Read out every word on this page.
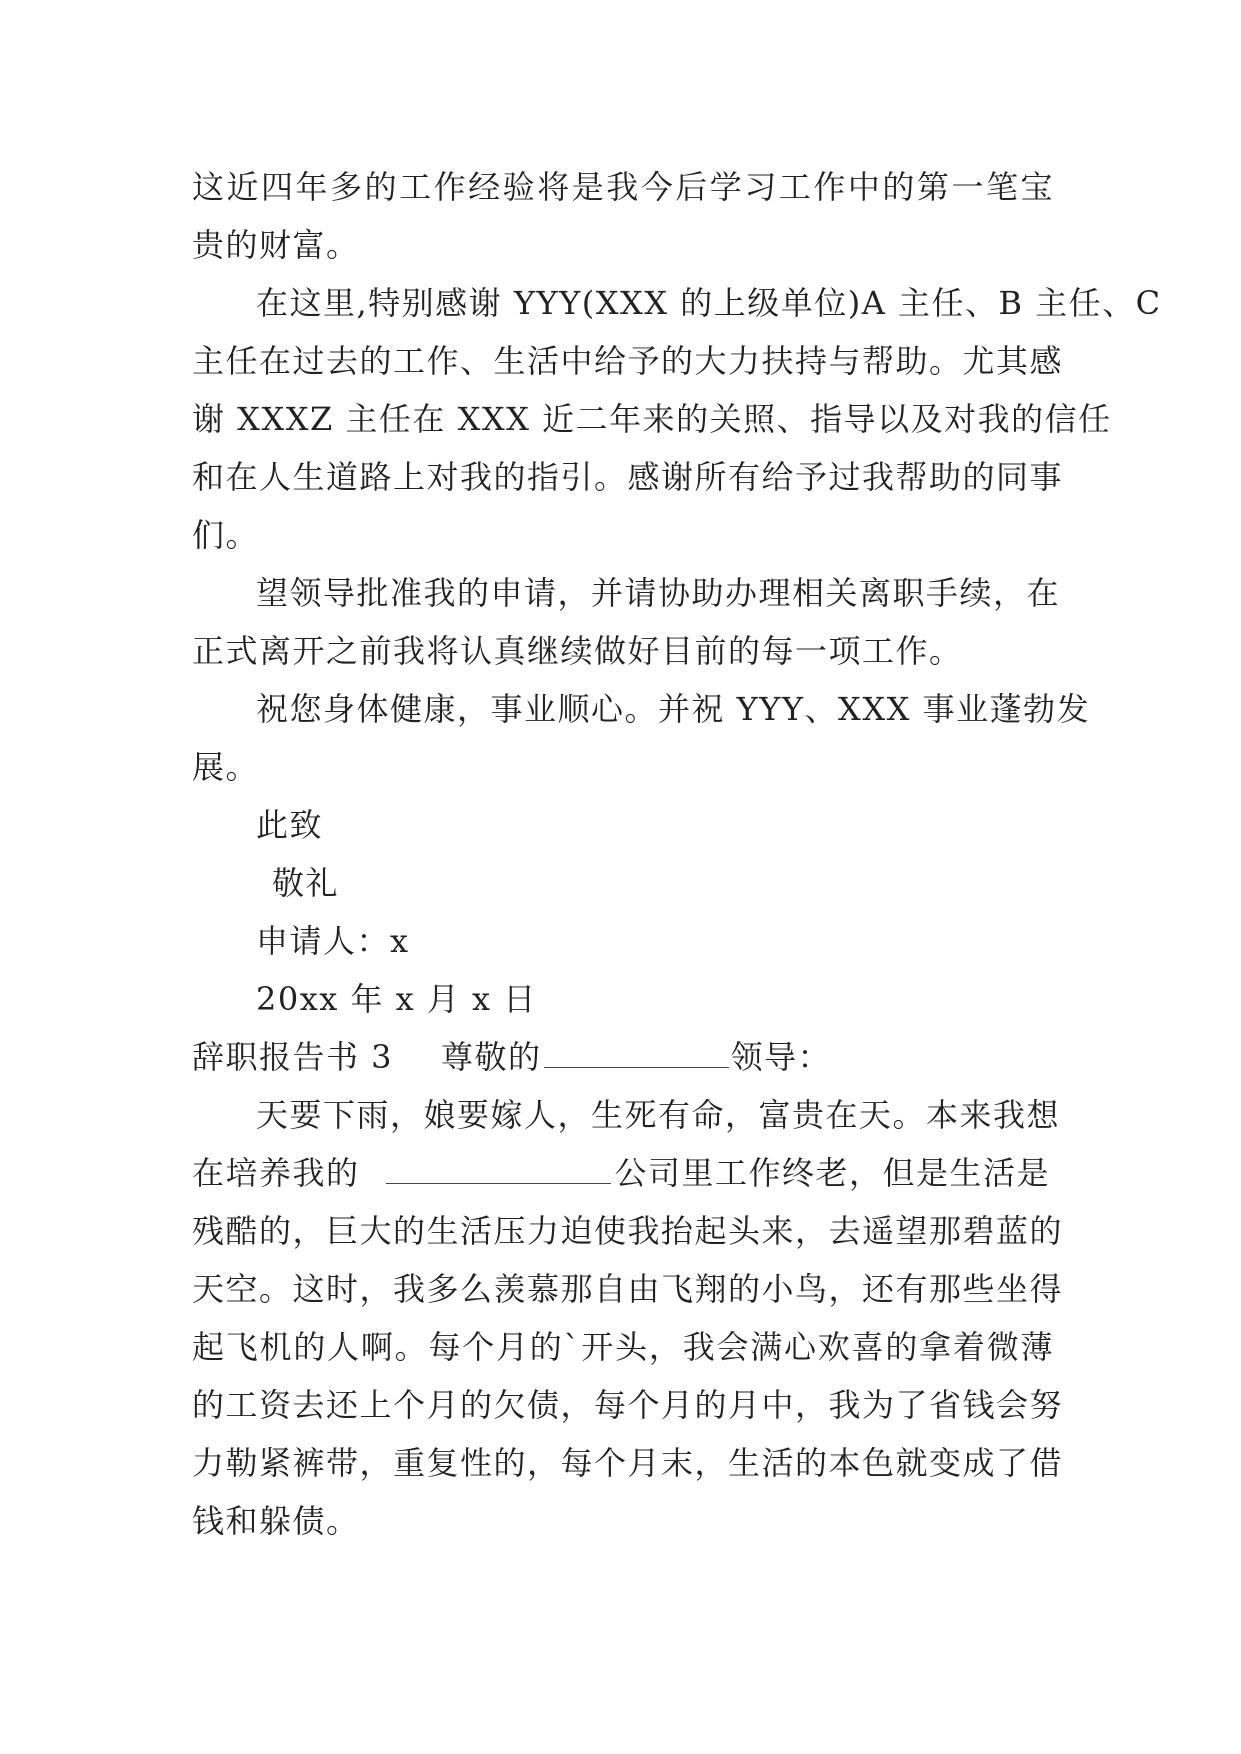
这近四年多的工作经验将是我今后学习工作中的第一笔宝
贵的财富。
在这里,特别感谢 YYY(XXX 的上级单位)A 主任、B 主任、C
主任在过去的工作、生活中给予的大力扶持与帮助。尤其感
谢 XXXZ 主任在 XXX 近二年来的关照、指导以及对我的信任
和在人生道路上对我的指引。感谢所有给予过我帮助的同事
们。
望领导批准我的申请，并请协助办理相关离职手续，在
正式离开之前我将认真继续做好目前的每一项工作。
祝您身体健康，事业顺心。并祝 YYY、XXX 事业蓬勃发
展。
此致
敬礼
申请人：x
20xx 年 x 月 x 日
辞职报告书 3 尊敬的	领导：
天要下雨，娘要嫁人，生死有命，富贵在天。本来我想
在培养我的	公司里工作终老，但是生活是
残酷的，巨大的生活压力迫使我抬起头来，去遥望那碧蓝的
天空。这时，我多么羡慕那自由飞翔的小鸟，还有那些坐得
起飞机的人啊。每个月的`开头，我会满心欢喜的拿着微薄
的工资去还上个月的欠债，每个月的月中，我为了省钱会努
力勒紧裤带，重复性的，每个月末，生活的本色就变成了借
钱和躲债。
